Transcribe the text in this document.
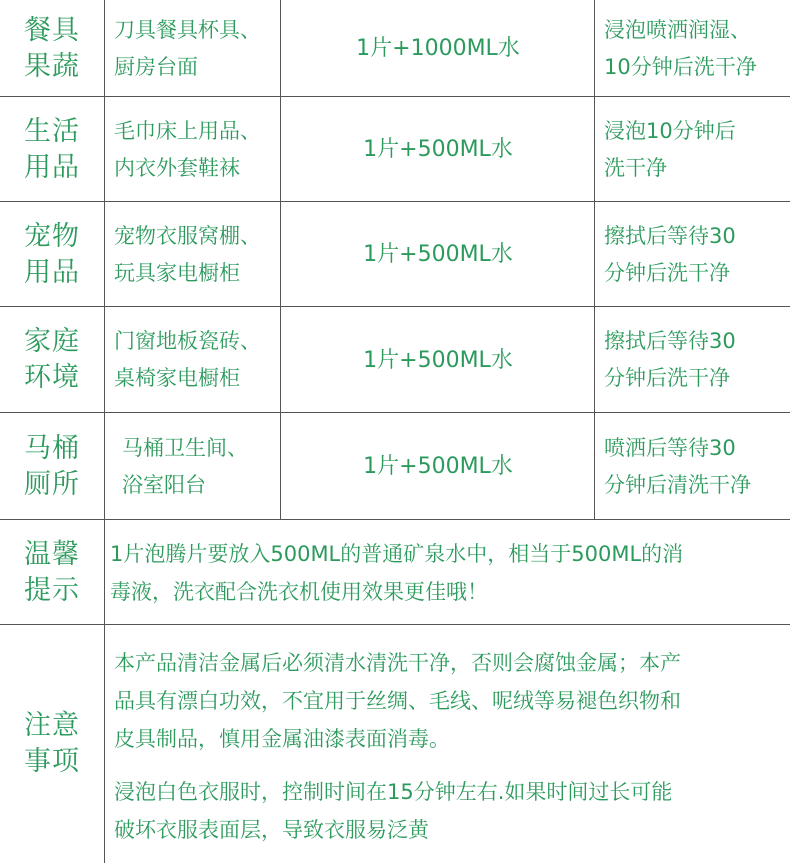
餐具
果蔬
刀具餐具杯具、
厨房台面
1片+1000ML水
浸泡喷洒润湿、
10分钟后洗干净
生活
用品
毛巾床上用品、
内衣外套鞋袜
1片+500ML水
浸泡10分钟后
洗干净
宠物
用品
宠物衣服窝棚、
玩具家电橱柜
1片+500ML水
擦拭后等待30
分钟后洗干净
家庭
环境
门窗地板瓷砖、
桌椅家电橱柜
1片+500ML水
擦拭后等待30
分钟后洗干净
马桶
厕所
马桶卫生间、
浴室阳台
1片+500ML水
喷洒后等待30
分钟后清洗干净
温馨
提示
1片泡腾片要放入500ML的普通矿泉水中，相当于500ML的消
毒液，洗衣配合洗衣机使用效果更佳哦！
注意
事项
本产品清洁金属后必须清水清洗干净，否则会腐蚀金属；本产
品具有漂白功效，不宜用于丝绸、毛线、呢绒等易褪色织物和
皮具制品，慎用金属油漆表面消毒。
浸泡白色衣服时，控制时间在15分钟左右.如果时间过长可能
破坏衣服表面层，导致衣服易泛黄
